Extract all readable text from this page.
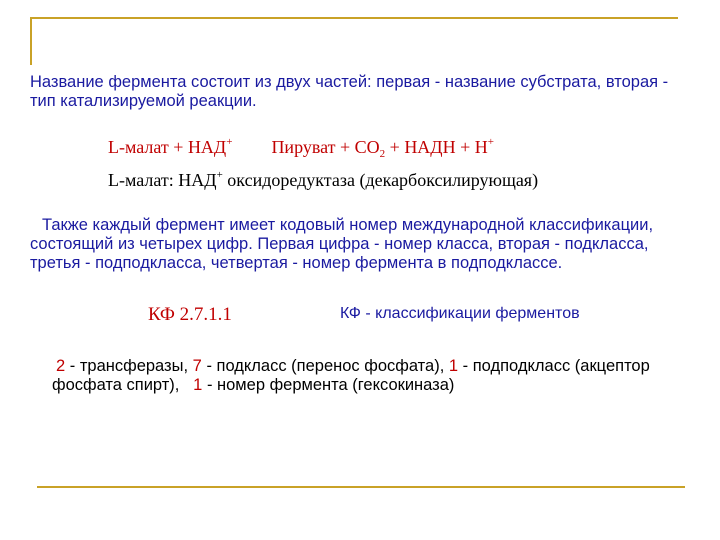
Название фермента состоит из двух частей: первая - название субстрата, вторая -
тип катализируемой реакции.
L-малат + НАД+ Пируват + $СО_2$ + НАДН + Н+
L-малат: НАД+ оксидоредуктаза (декарбоксилирующая)
Также каждый фермент имеет кодовый номер международной классификации,
состоящий из четырех цифр. Первая цифра - номер класса, вторая - подкласса,
третья - подподкласса, четвертая - номер фермента в подподклассе.
КФ 2.7.1.1	КФ - классификации ферментов
2 - трансферазы, 7 - подкласс (перенос фосфата), 1 - подподкласс (акцептор
фосфата спирт), 1 - номер фермента (гексокиназа)
